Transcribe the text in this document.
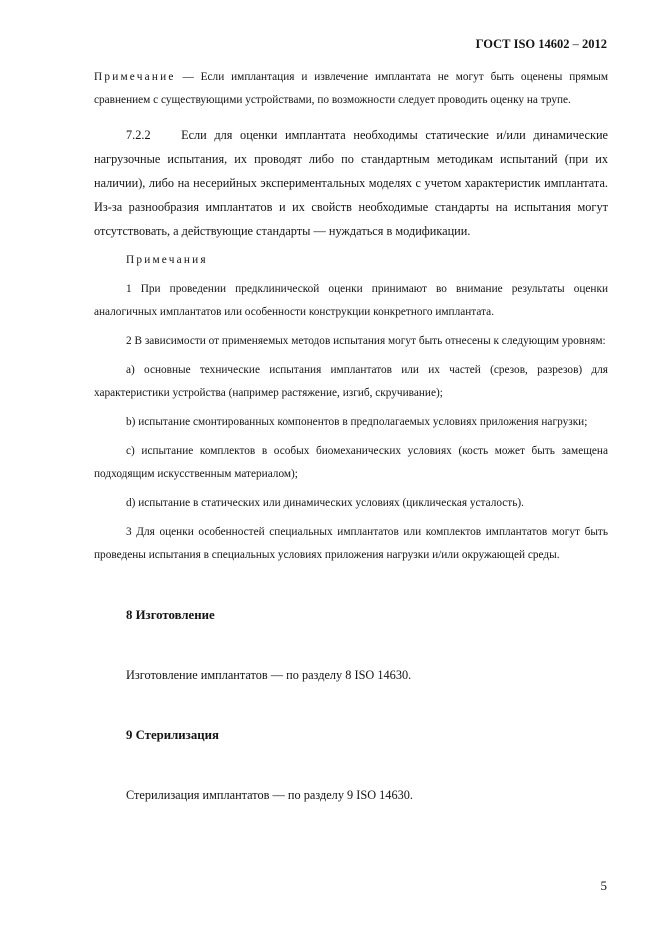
ГОСТ ISO 14602 – 2012

Примечание — Если имплантация и извлечение имплантата не могут быть оценены прямым сравнением с существующими устройствами, по возможности следует проводить оценку на трупе.

7.2.2 Если для оценки имплантата необходимы статические и/или динамические нагрузочные испытания, их проводят либо по стандартным методикам испытаний (при их наличии), либо на несерийных экспериментальных моделях с учетом характеристик имплантата. Из-за разнообразия имплантатов и их свойств необходимые стандарты на испытания могут отсутствовать, а действующие стандарты — нуждаться в модификации.

Примечания

1 При проведении предклинической оценки принимают во внимание результаты оценки аналогичных имплантатов или особенности конструкции конкретного имплантата.

2 В зависимости от применяемых методов испытания могут быть отнесены к следующим уровням:

a) основные технические испытания имплантатов или их частей (срезов, разрезов) для характеристики устройства (например растяжение, изгиб, скручивание);

b) испытание смонтированных компонентов в предполагаемых условиях приложения нагрузки;

с) испытание комплектов в особых биомеханических условиях (кость может быть замещена подходящим искусственным материалом);

d) испытание в статических или динамических условиях (циклическая усталость).

3 Для оценки особенностей специальных имплантатов или комплектов имплантатов могут быть проведены испытания в специальных условиях приложения нагрузки и/или окружающей среды.

8 Изготовление

Изготовление имплантатов — по разделу 8 ISO 14630.

9 Стерилизация

Стерилизация имплантатов — по разделу 9 ISO 14630.

5
